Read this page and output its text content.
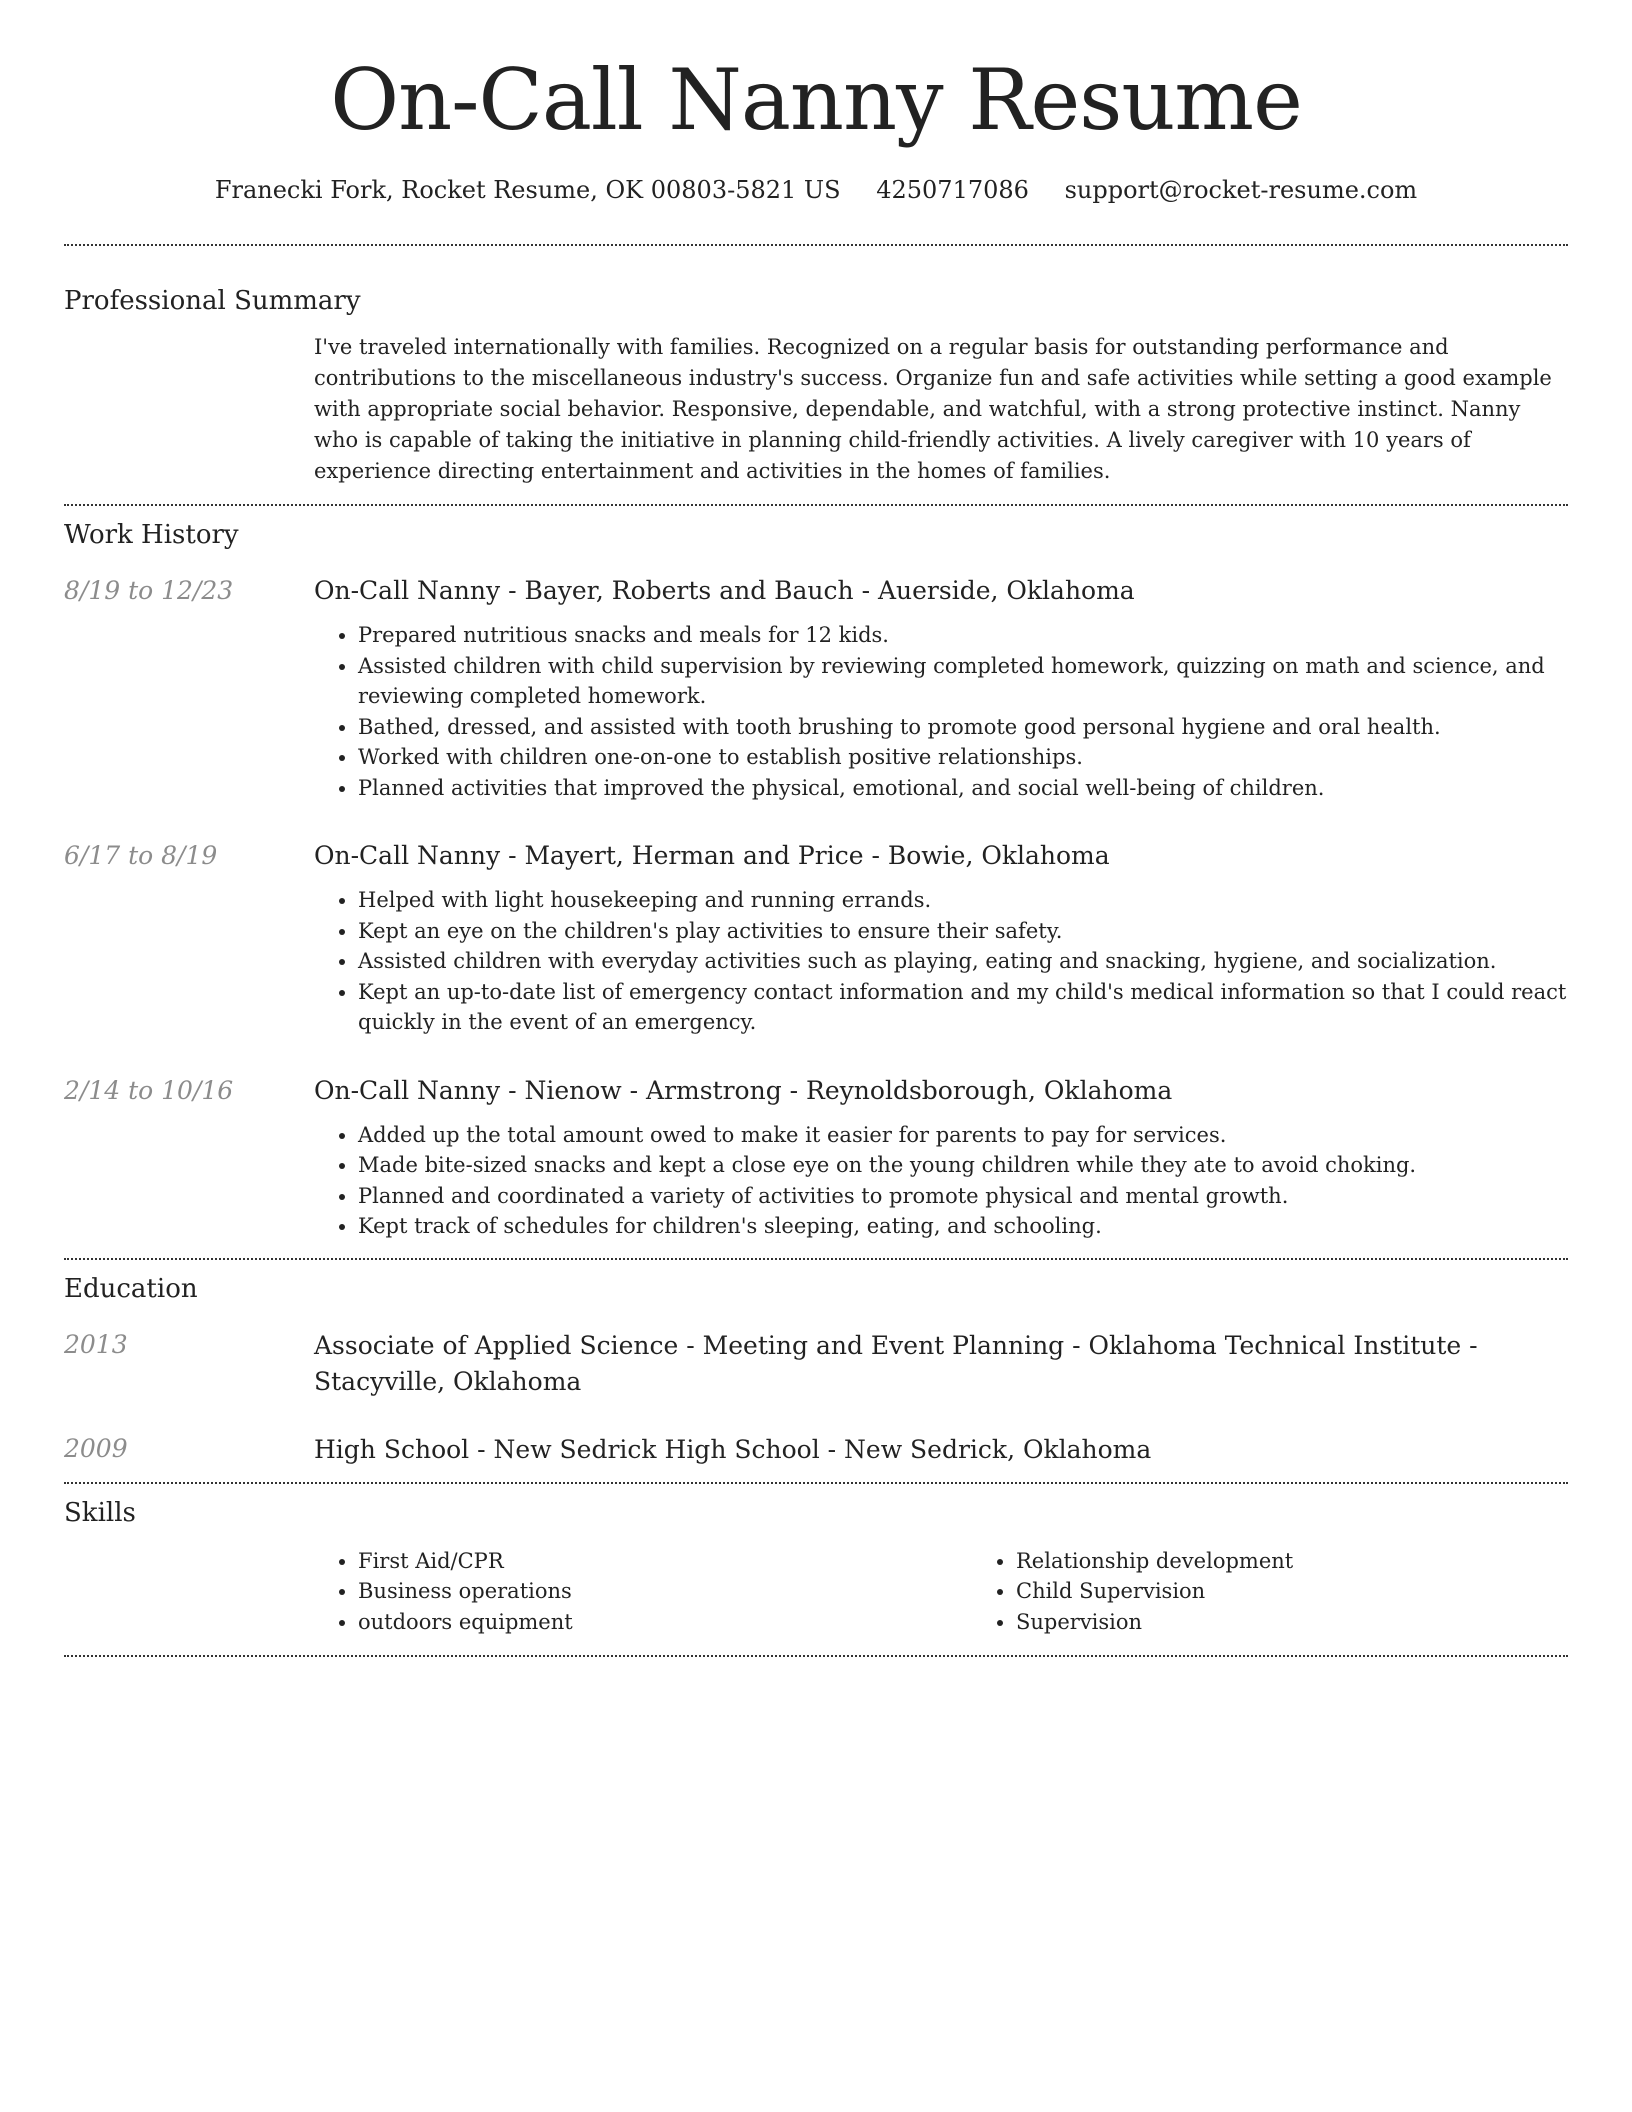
On-Call Nanny Resume
Franecki Fork, Rocket Resume, OK 00803-5821 US 4250717086 support@rocket-resume.com
Professional Summary
I've traveled internationally with families. Recognized on a regular basis for outstanding performance and contributions to the miscellaneous industry's success. Organize fun and safe activities while setting a good example with appropriate social behavior. Responsive, dependable, and watchful, with a strong protective instinct. Nanny who is capable of taking the initiative in planning child-friendly activities. A lively caregiver with 10 years of experience directing entertainment and activities in the homes of families.
Work History
8/19 to 12/23	On-Call Nanny - Bayer, Roberts and Bauch - Auerside, Oklahoma
• Prepared nutritious snacks and meals for 12 kids.
• Assisted children with child supervision by reviewing completed homework, quizzing on math and science, and reviewing completed homework.
• Bathed, dressed, and assisted with tooth brushing to promote good personal hygiene and oral health.
• Worked with children one-on-one to establish positive relationships.
• Planned activities that improved the physical, emotional, and social well-being of children.
6/17 to 8/19	On-Call Nanny - Mayert, Herman and Price - Bowie, Oklahoma
• Helped with light housekeeping and running errands.
• Kept an eye on the children's play activities to ensure their safety.
• Assisted children with everyday activities such as playing, eating and snacking, hygiene, and socialization.
• Kept an up-to-date list of emergency contact information and my child's medical information so that I could react quickly in the event of an emergency.
2/14 to 10/16	On-Call Nanny - Nienow - Armstrong - Reynoldsborough, Oklahoma
• Added up the total amount owed to make it easier for parents to pay for services.
• Made bite-sized snacks and kept a close eye on the young children while they ate to avoid choking.
• Planned and coordinated a variety of activities to promote physical and mental growth.
• Kept track of schedules for children's sleeping, eating, and schooling.
Education
2013	Associate of Applied Science - Meeting and Event Planning - Oklahoma Technical Institute - Stacyville, Oklahoma
2009	High School - New Sedrick High School - New Sedrick, Oklahoma
Skills
• First Aid/CPR
• Business operations
• outdoors equipment
• Relationship development
• Child Supervision
• Supervision
